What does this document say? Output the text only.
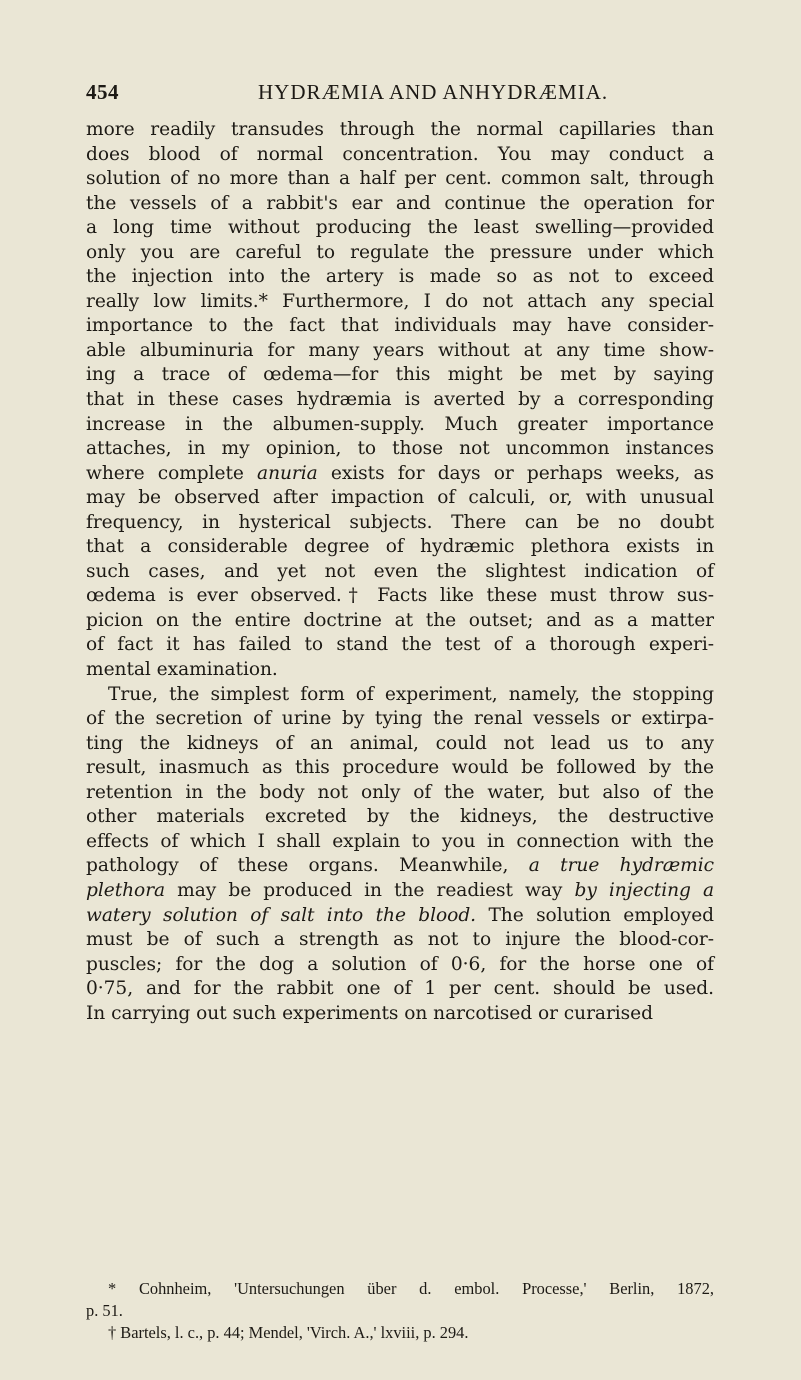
454	HYDRÆMIA AND ANHYDRÆMIA.
more readily transudes through the normal capillaries than
does blood of normal concentration. You may conduct a
solution of no more than a half per cent. common salt, through
the vessels of a rabbit's ear and continue the operation for
a long time without producing the least swelling—provided
only you are careful to regulate the pressure under which
the injection into the artery is made so as not to exceed
really low limits.* Furthermore, I do not attach any special
importance to the fact that individuals may have consider-
able albuminuria for many years without at any time show-
ing a trace of œdema—for this might be met by saying
that in these cases hydræmia is averted by a corresponding
increase in the albumen-supply. Much greater importance
attaches, in my opinion, to those not uncommon instances
where complete anuria exists for days or perhaps weeks, as
may be observed after impaction of calculi, or, with unusual
frequency, in hysterical subjects. There can be no doubt
that a considerable degree of hydræmic plethora exists in
such cases, and yet not even the slightest indication of
œdema is ever observed.† Facts like these must throw sus-
picion on the entire doctrine at the outset; and as a matter
of fact it has failed to stand the test of a thorough experi-
mental examination.
True, the simplest form of experiment, namely, the stopping
of the secretion of urine by tying the renal vessels or extirpa-
ting the kidneys of an animal, could not lead us to any
result, inasmuch as this procedure would be followed by the
retention in the body not only of the water, but also of the
other materials excreted by the kidneys, the destructive
effects of which I shall explain to you in connection with the
pathology of these organs. Meanwhile, a true hydræmic
plethora may be produced in the readiest way by injecting a
watery solution of salt into the blood. The solution employed
must be of such a strength as not to injure the blood-cor-
puscles; for the dog a solution of 0·6, for the horse one of
0·75, and for the rabbit one of 1 per cent. should be used.
In carrying out such experiments on narcotised or curarised
* Cohnheim, 'Untersuchungen über d. embol. Processe,' Berlin, 1872,
p. 51.
† Bartels, l. c., p. 44; Mendel, 'Virch. A.,' lxviii, p. 294.
